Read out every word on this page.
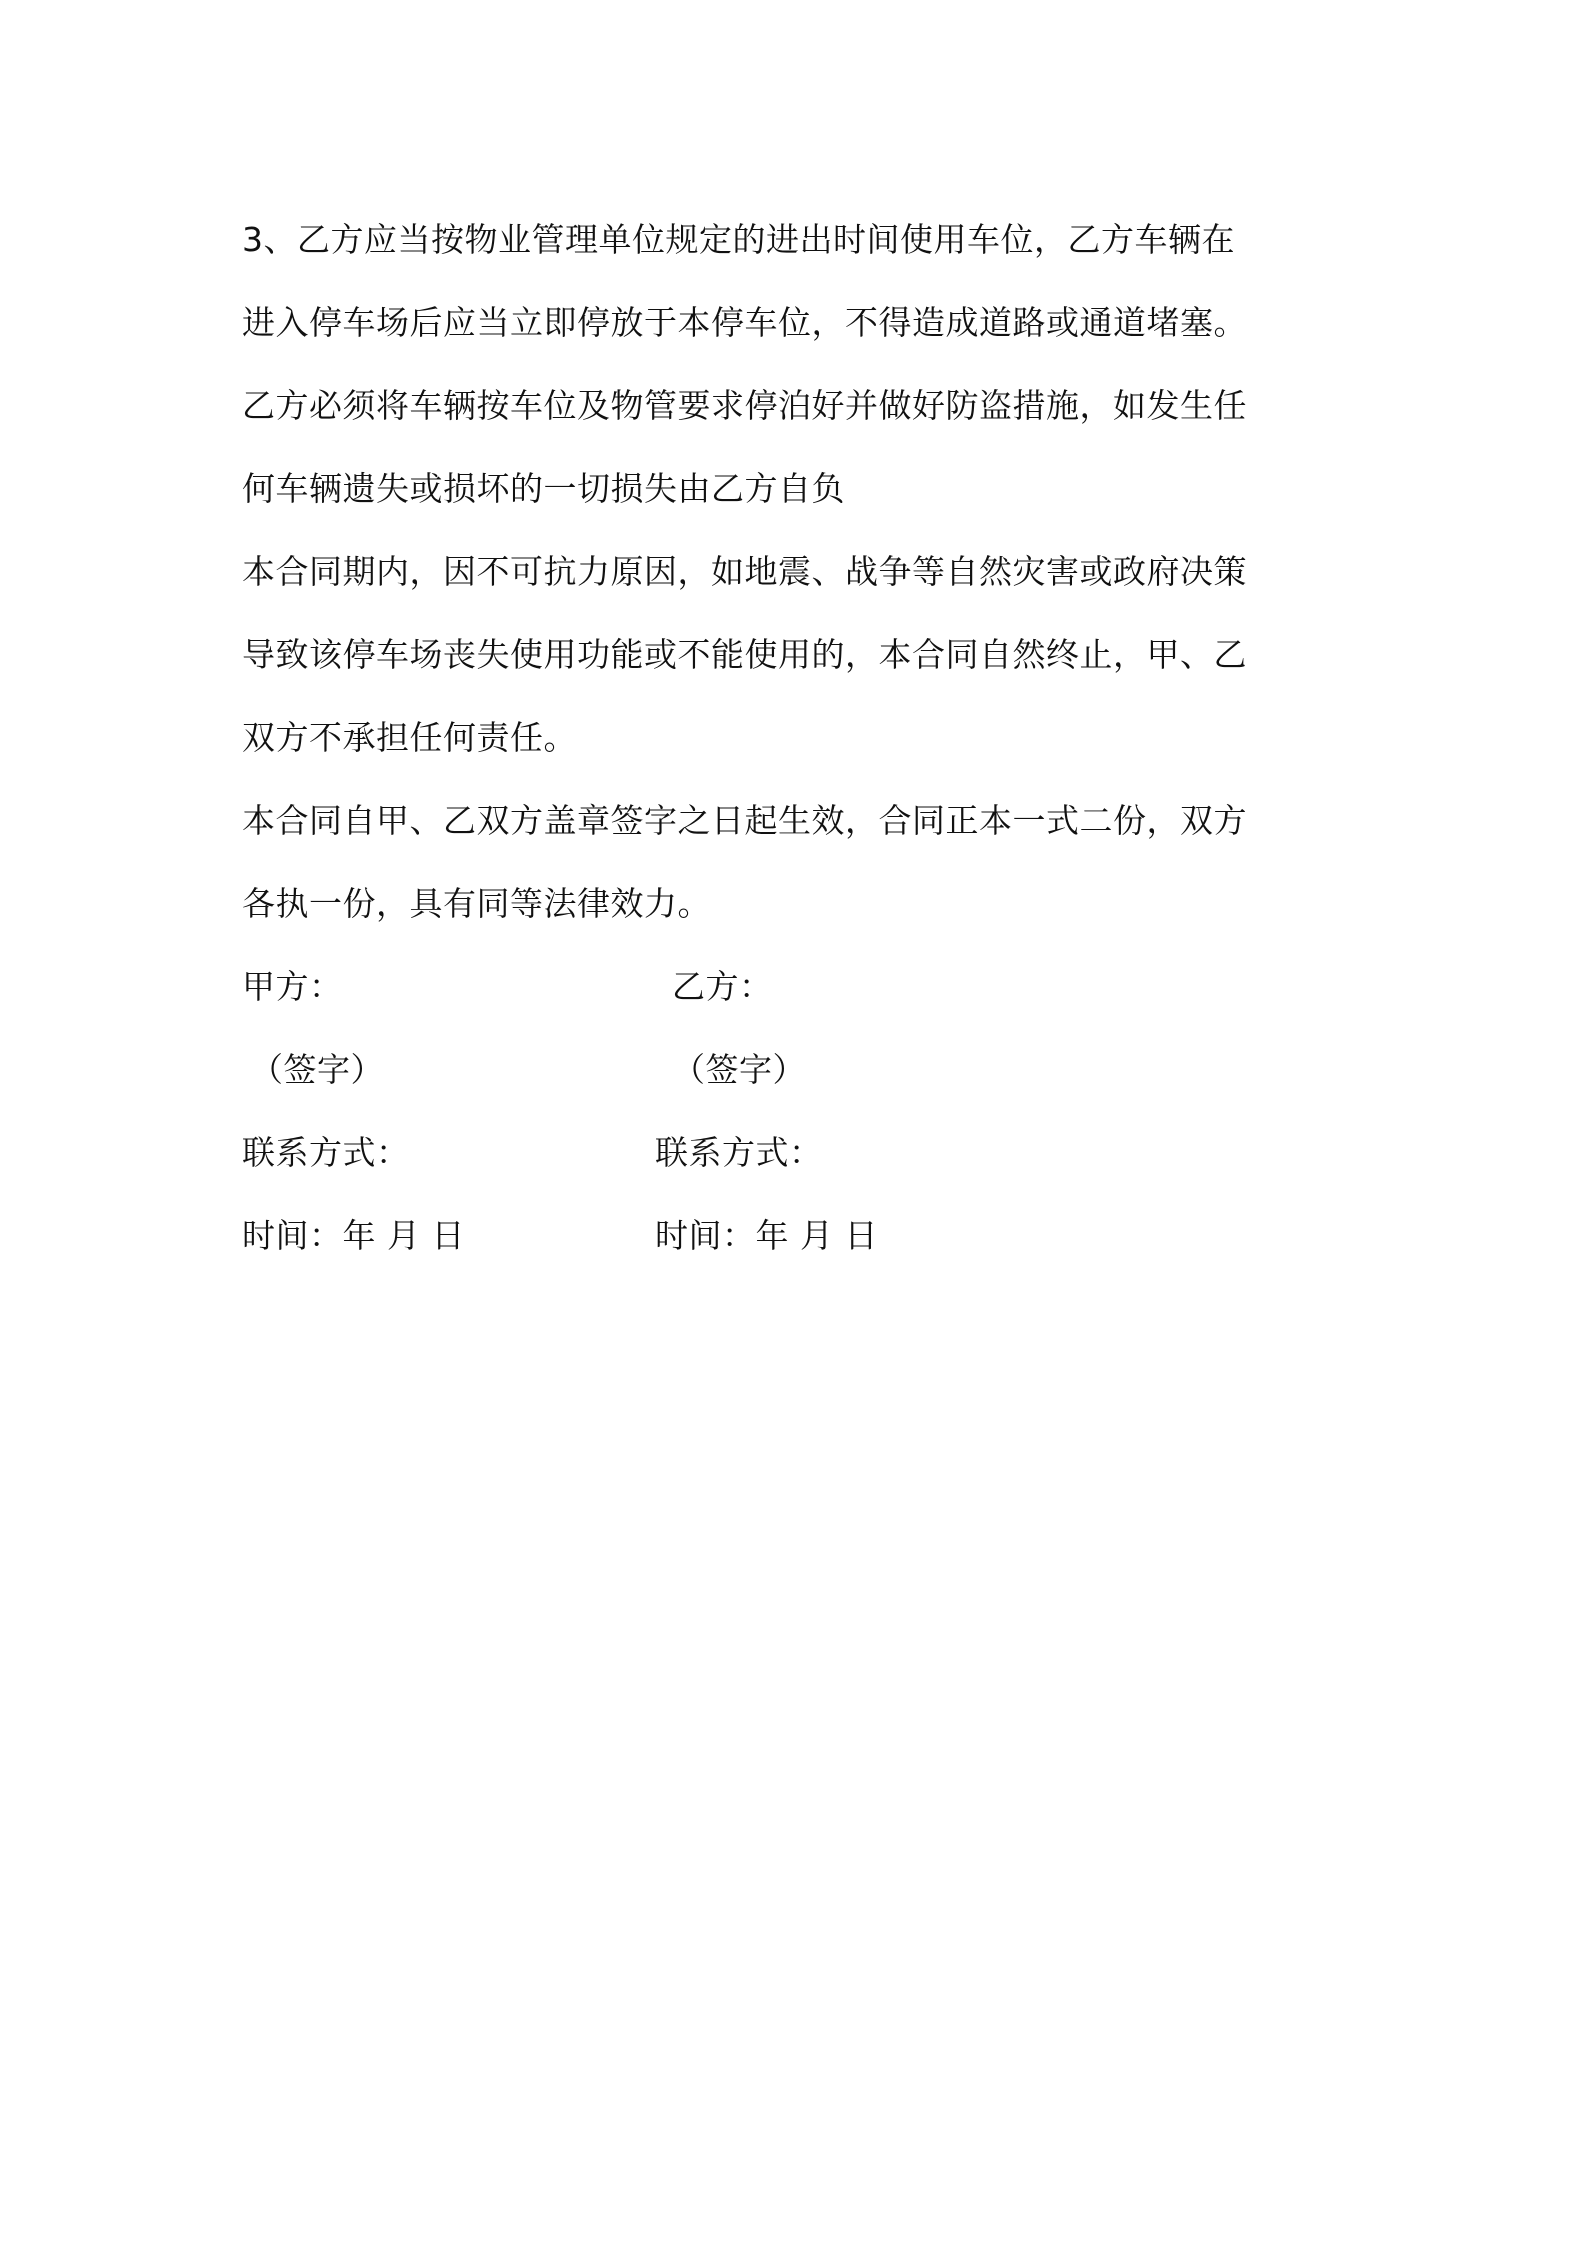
3、乙方应当按物业管理单位规定的进出时间使用车位，乙方车辆在
进入停车场后应当立即停放于本停车位，不得造成道路或通道堵塞。
乙方必须将车辆按车位及物管要求停泊好并做好防盗措施，如发生任
何车辆遗失或损坏的一切损失由乙方自负
本合同期内，因不可抗力原因，如地震、战争等自然灾害或政府决策
导致该停车场丧失使用功能或不能使用的，本合同自然终止，甲、乙
双方不承担任何责任。
本合同自甲、乙双方盖章签字之日起生效，合同正本一式二份，双方
各执一份，具有同等法律效力。
甲方：	乙方：
（签字）	（签字）
联系方式：	联系方式：
时间：年 月 日	时间：年 月 日
